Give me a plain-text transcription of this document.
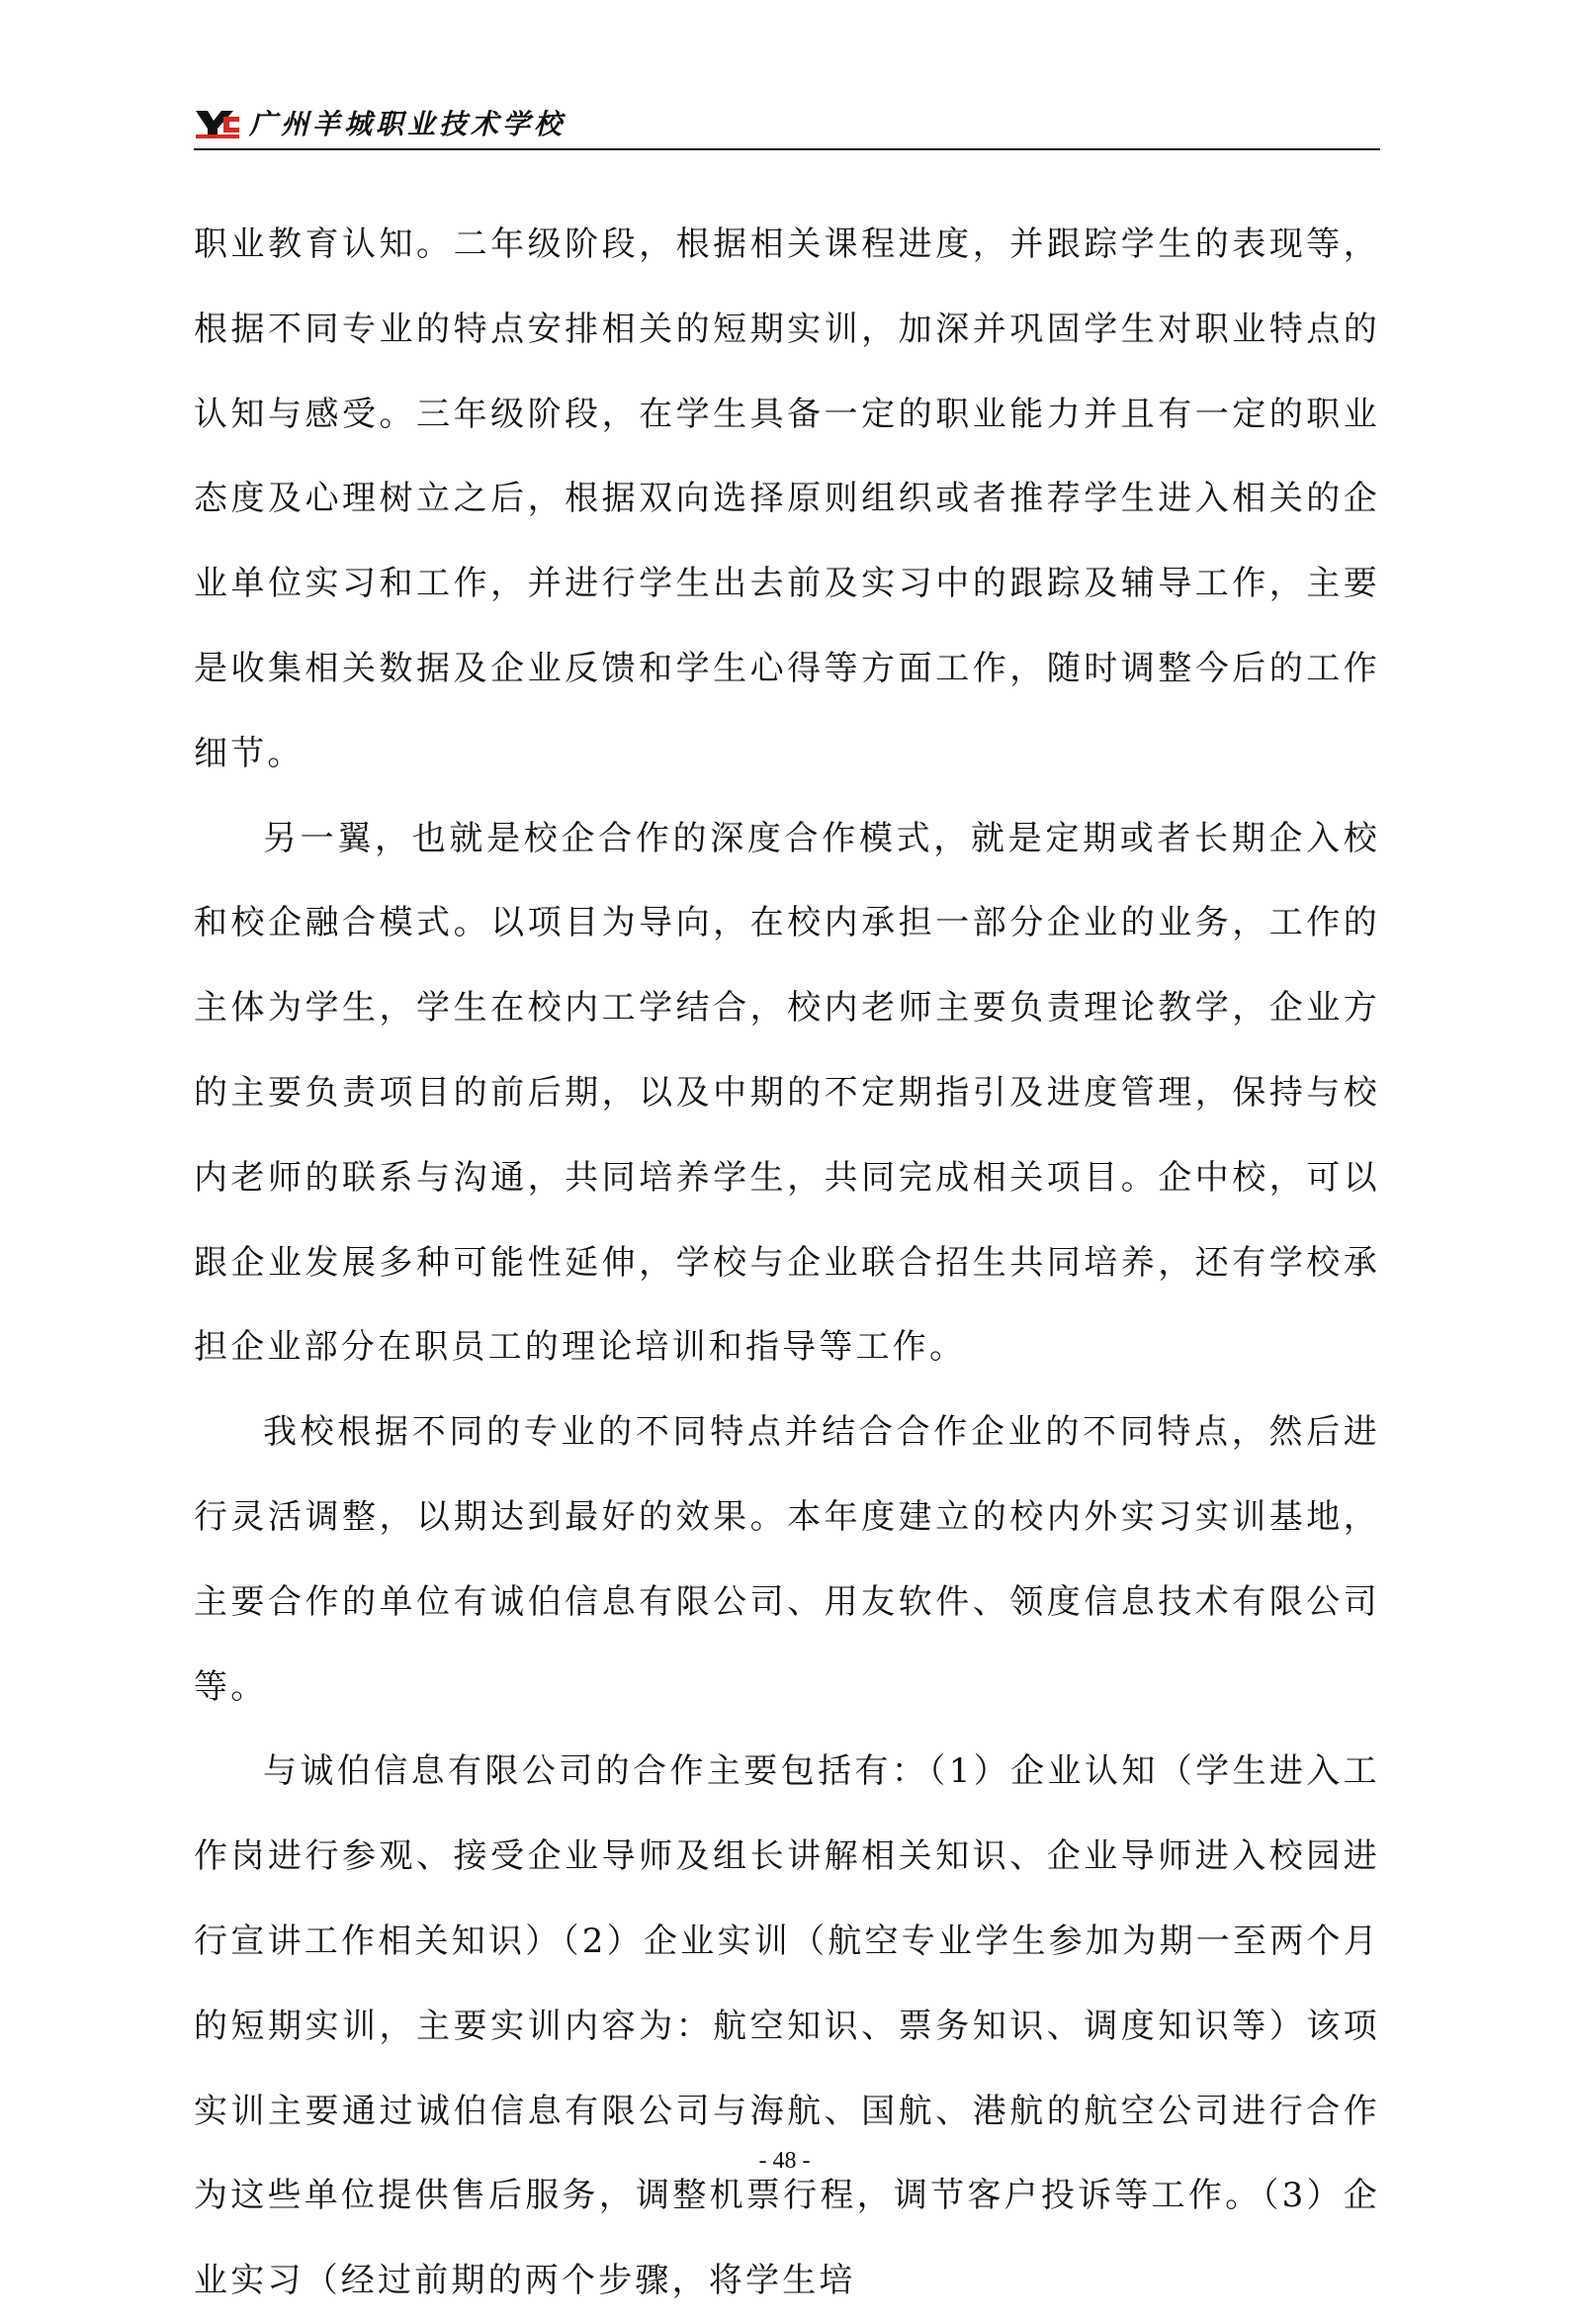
广州羊城职业技术学校

职业教育认知。二年级阶段，根据相关课程进度，并跟踪学生的表现等，根据不同专业的特点安排相关的短期实训，加深并巩固学生对职业特点的认知与感受。三年级阶段，在学生具备一定的职业能力并且有一定的职业态度及心理树立之后，根据双向选择原则组织或者推荐学生进入相关的企业单位实习和工作，并进行学生出去前及实习中的跟踪及辅导工作，主要是收集相关数据及企业反馈和学生心得等方面工作，随时调整今后的工作细节。

另一翼，也就是校企合作的深度合作模式，就是定期或者长期企入校和校企融合模式。以项目为导向，在校内承担一部分企业的业务，工作的主体为学生，学生在校内工学结合，校内老师主要负责理论教学，企业方的主要负责项目的前后期，以及中期的不定期指引及进度管理，保持与校内老师的联系与沟通，共同培养学生，共同完成相关项目。企中校，可以跟企业发展多种可能性延伸，学校与企业联合招生共同培养，还有学校承担企业部分在职员工的理论培训和指导等工作。

我校根据不同的专业的不同特点并结合合作企业的不同特点，然后进行灵活调整，以期达到最好的效果。本年度建立的校内外实习实训基地，主要合作的单位有诚伯信息有限公司、用友软件、领度信息技术有限公司等。

与诚伯信息有限公司的合作主要包括有：（1）企业认知（学生进入工作岗进行参观、接受企业导师及组长讲解相关知识、企业导师进入校园进行宣讲工作相关知识）（2）企业实训（航空专业学生参加为期一至两个月的短期实训，主要实训内容为：航空知识、票务知识、调度知识等）该项实训主要通过诚伯信息有限公司与海航、国航、港航的航空公司进行合作为这些单位提供售后服务，调整机票行程，调节客户投诉等工作。（3）企业实习（经过前期的两个步骤，将学生培

- 48 -
